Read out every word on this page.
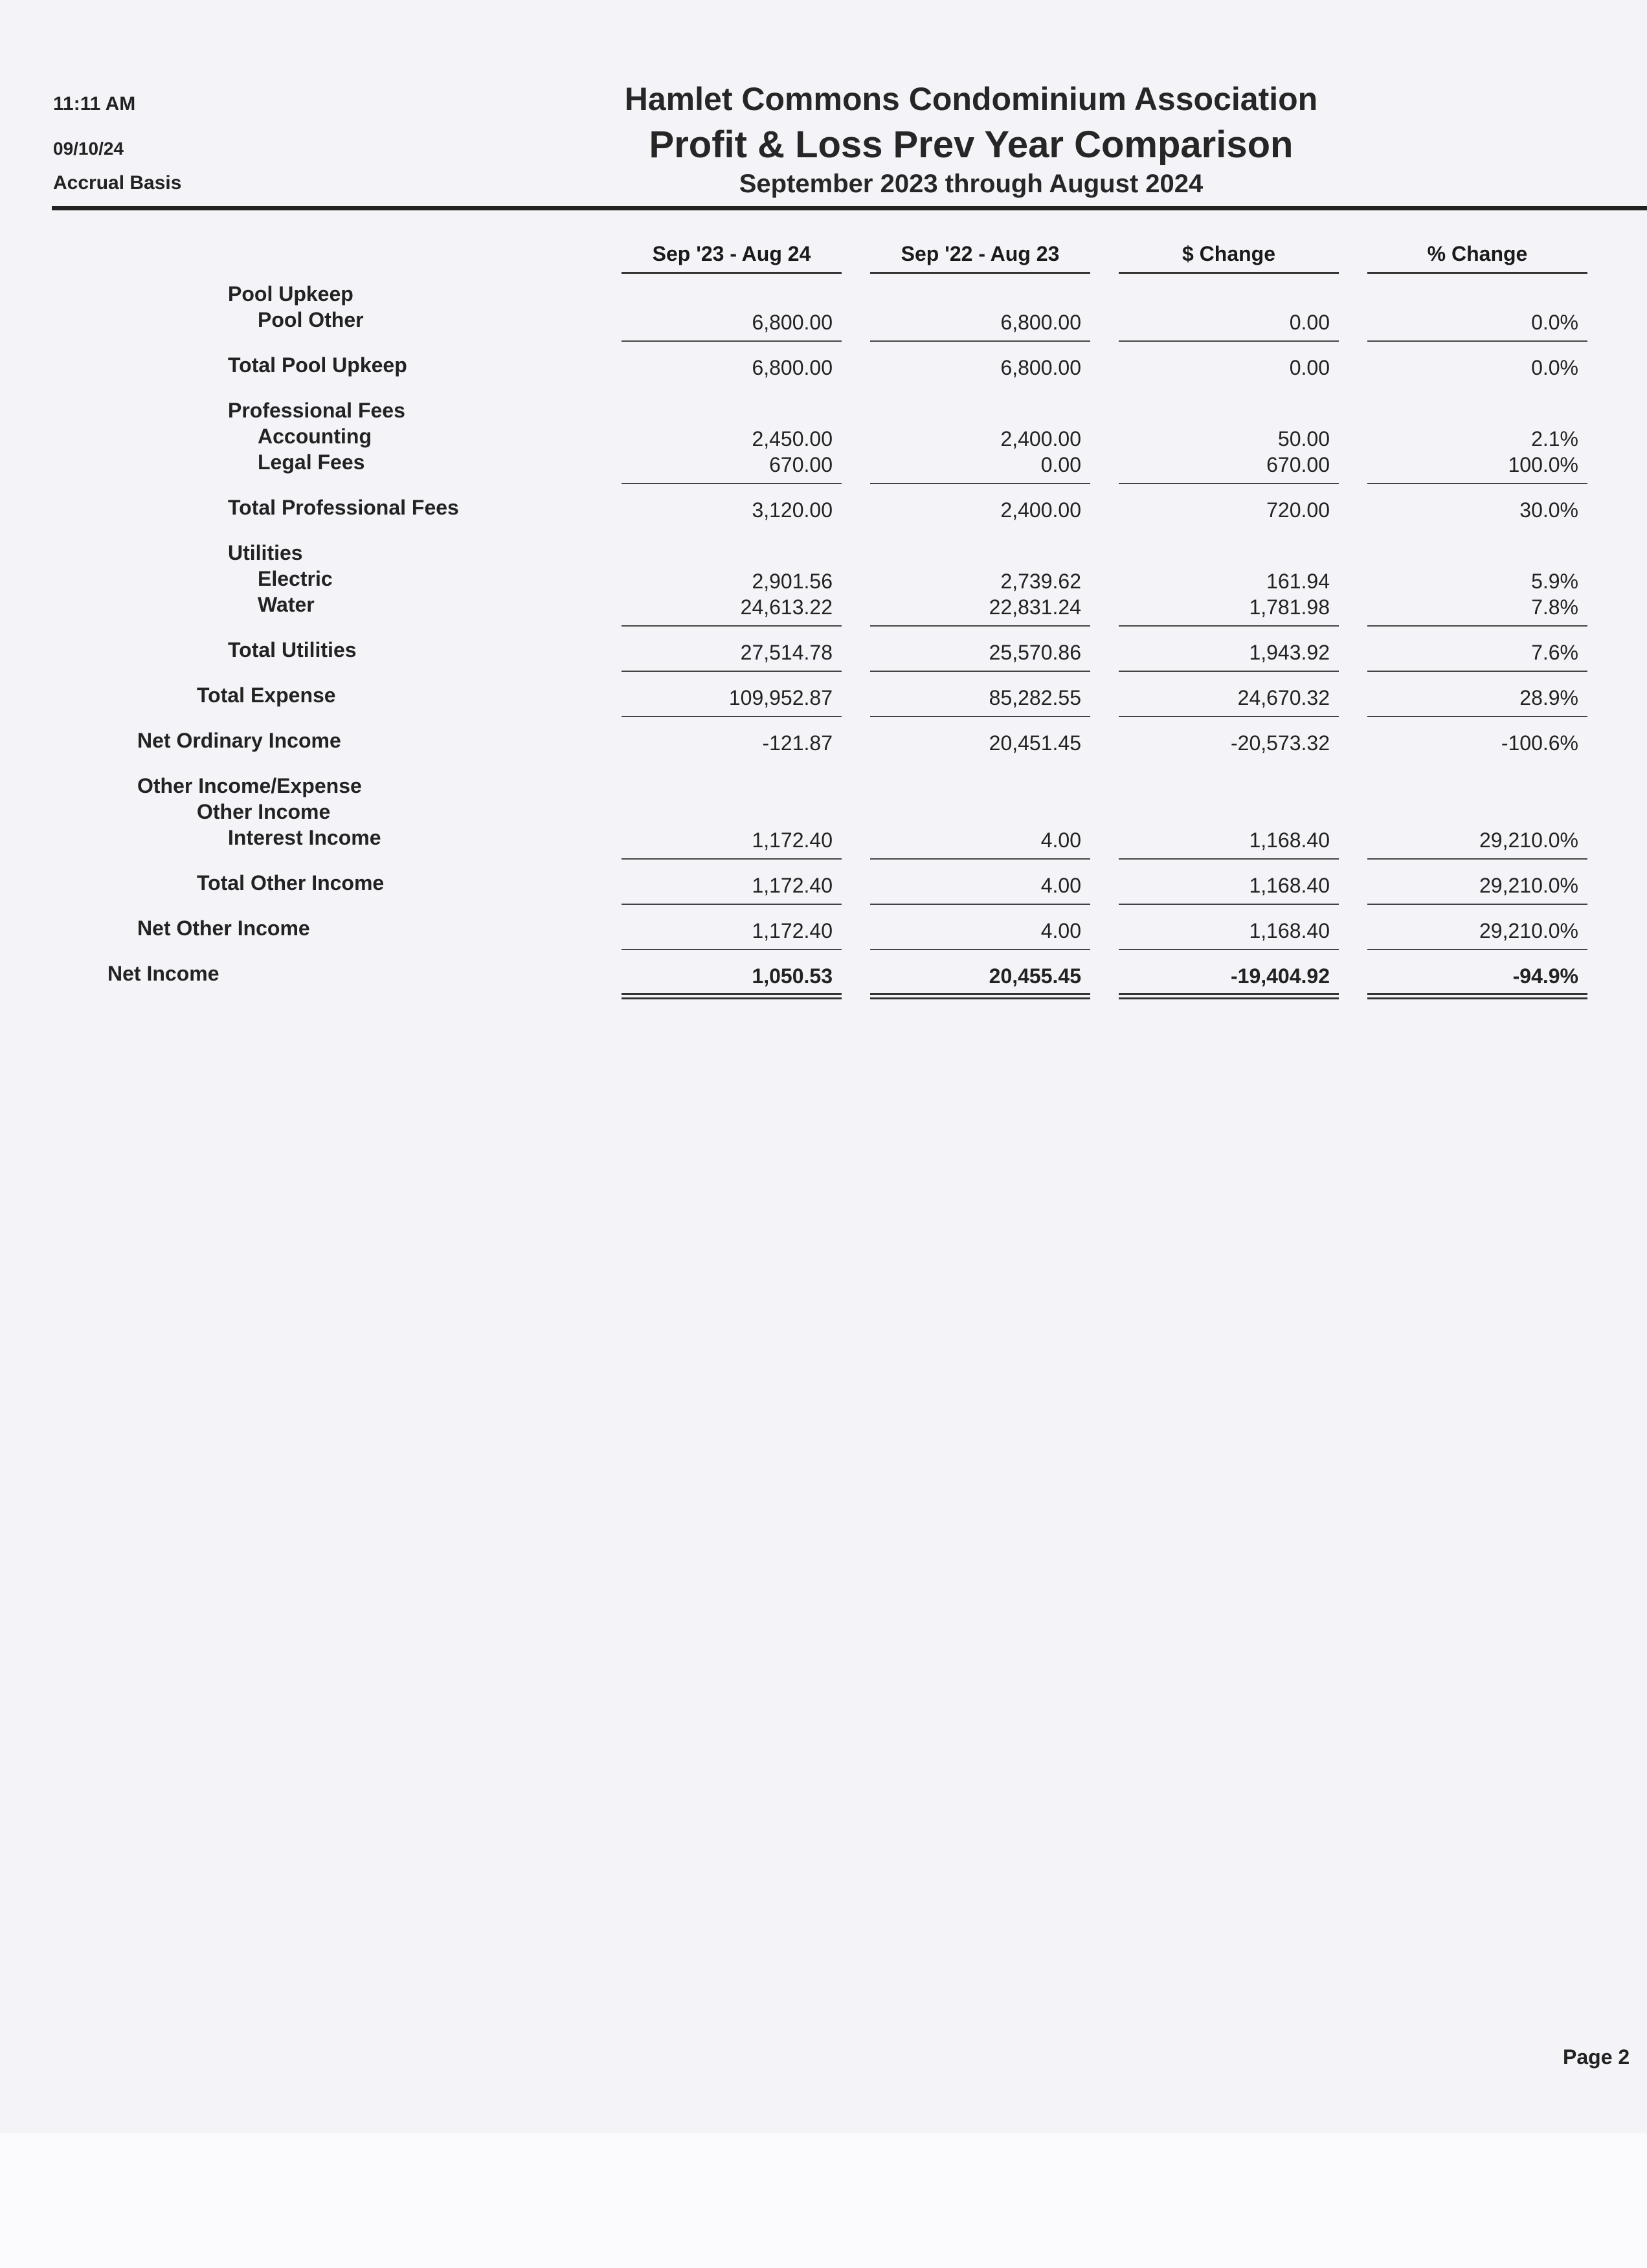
11:11 AM
09/10/24
Accrual Basis
Hamlet Commons Condominium Association
Profit & Loss Prev Year Comparison
September 2023 through August 2024
Sep '23 - Aug 24	Sep '22 - Aug 23	$ Change	% Change
Pool Upkeep
Pool Other	6,800.00	6,800.00	0.00	0.0%
Total Pool Upkeep	6,800.00	6,800.00	0.00	0.0%
Professional Fees
Accounting	2,450.00	2,400.00	50.00	2.1%
Legal Fees	670.00	0.00	670.00	100.0%
Total Professional Fees	3,120.00	2,400.00	720.00	30.0%
Utilities
Electric	2,901.56	2,739.62	161.94	5.9%
Water	24,613.22	22,831.24	1,781.98	7.8%
Total Utilities	27,514.78	25,570.86	1,943.92	7.6%
Total Expense	109,952.87	85,282.55	24,670.32	28.9%
Net Ordinary Income	-121.87	20,451.45	-20,573.32	-100.6%
Other Income/Expense
Other Income
Interest Income	1,172.40	4.00	1,168.40	29,210.0%
Total Other Income	1,172.40	4.00	1,168.40	29,210.0%
Net Other Income	1,172.40	4.00	1,168.40	29,210.0%
Net Income	1,050.53	20,455.45	-19,404.92	-94.9%
Page 2
